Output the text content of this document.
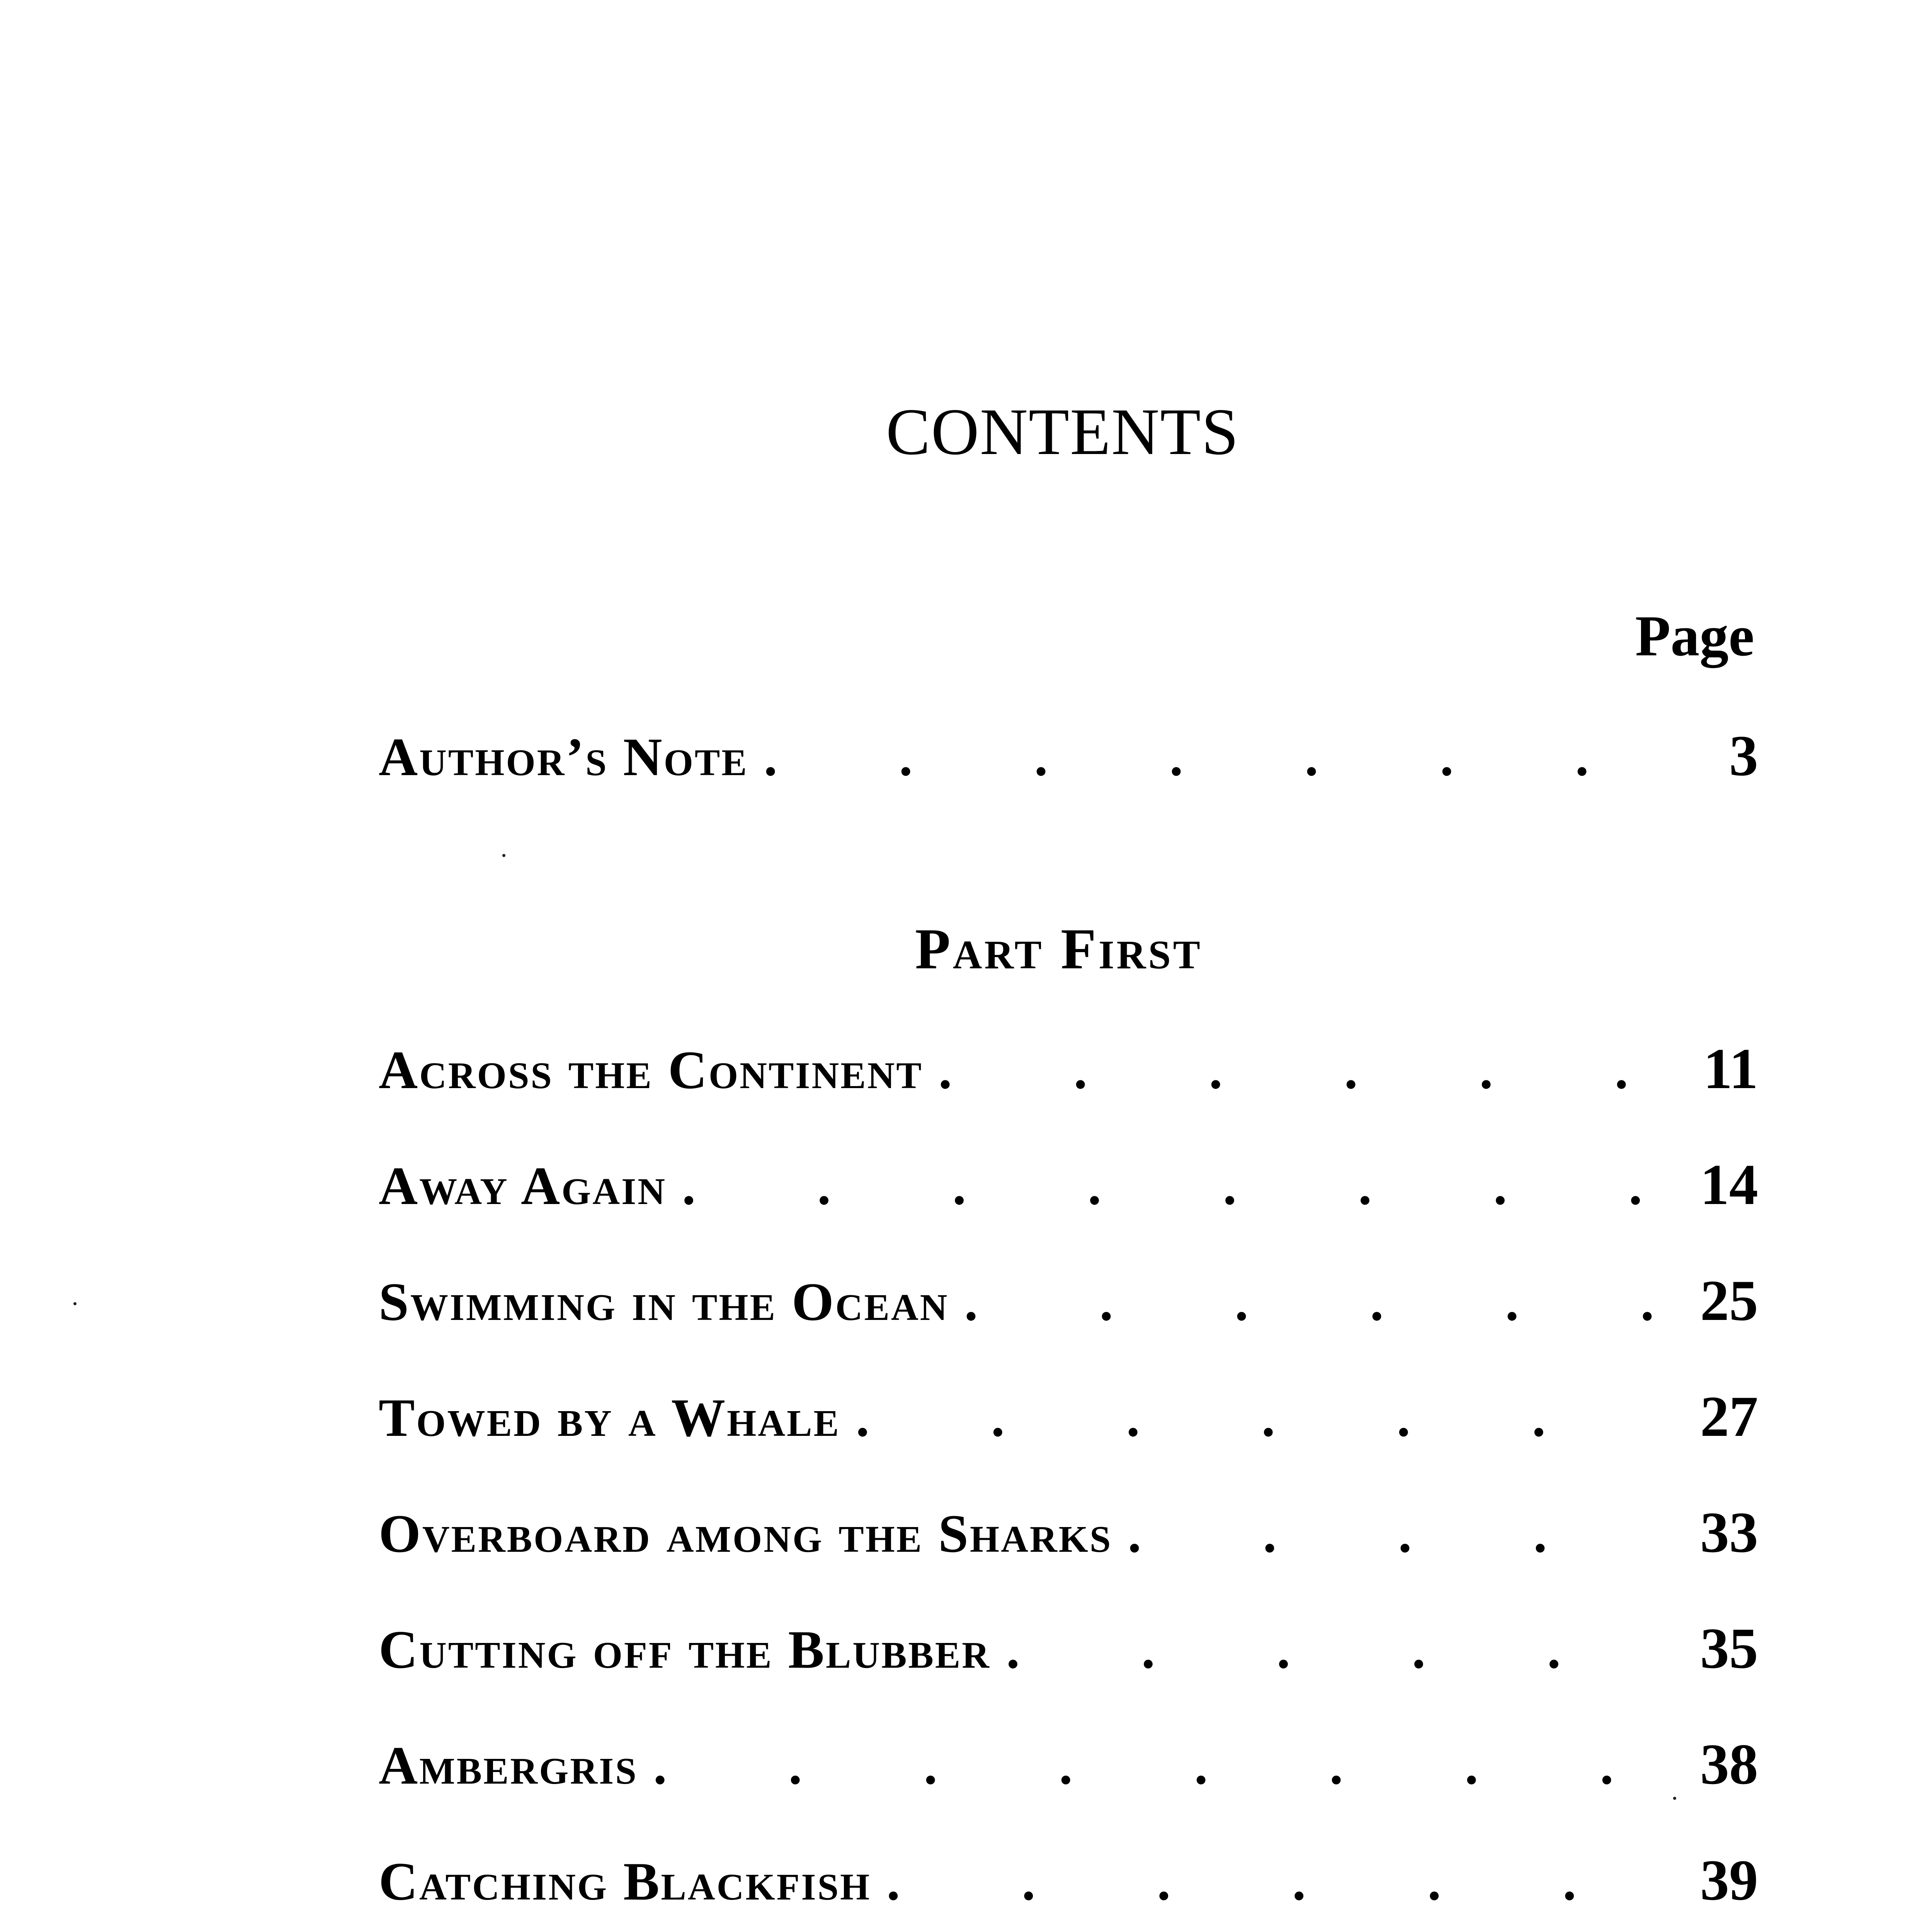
CONTENTS
Page
Author’s Note .	3
Part First
Across the Continent .	11
Away Again .	14
Swimming in the Ocean .	25
Towed by a Whale .	27
Overboard among the Sharks .	33
Cutting off the Blubber .	35
Ambergris .	38
Catching Blackfish .	39
